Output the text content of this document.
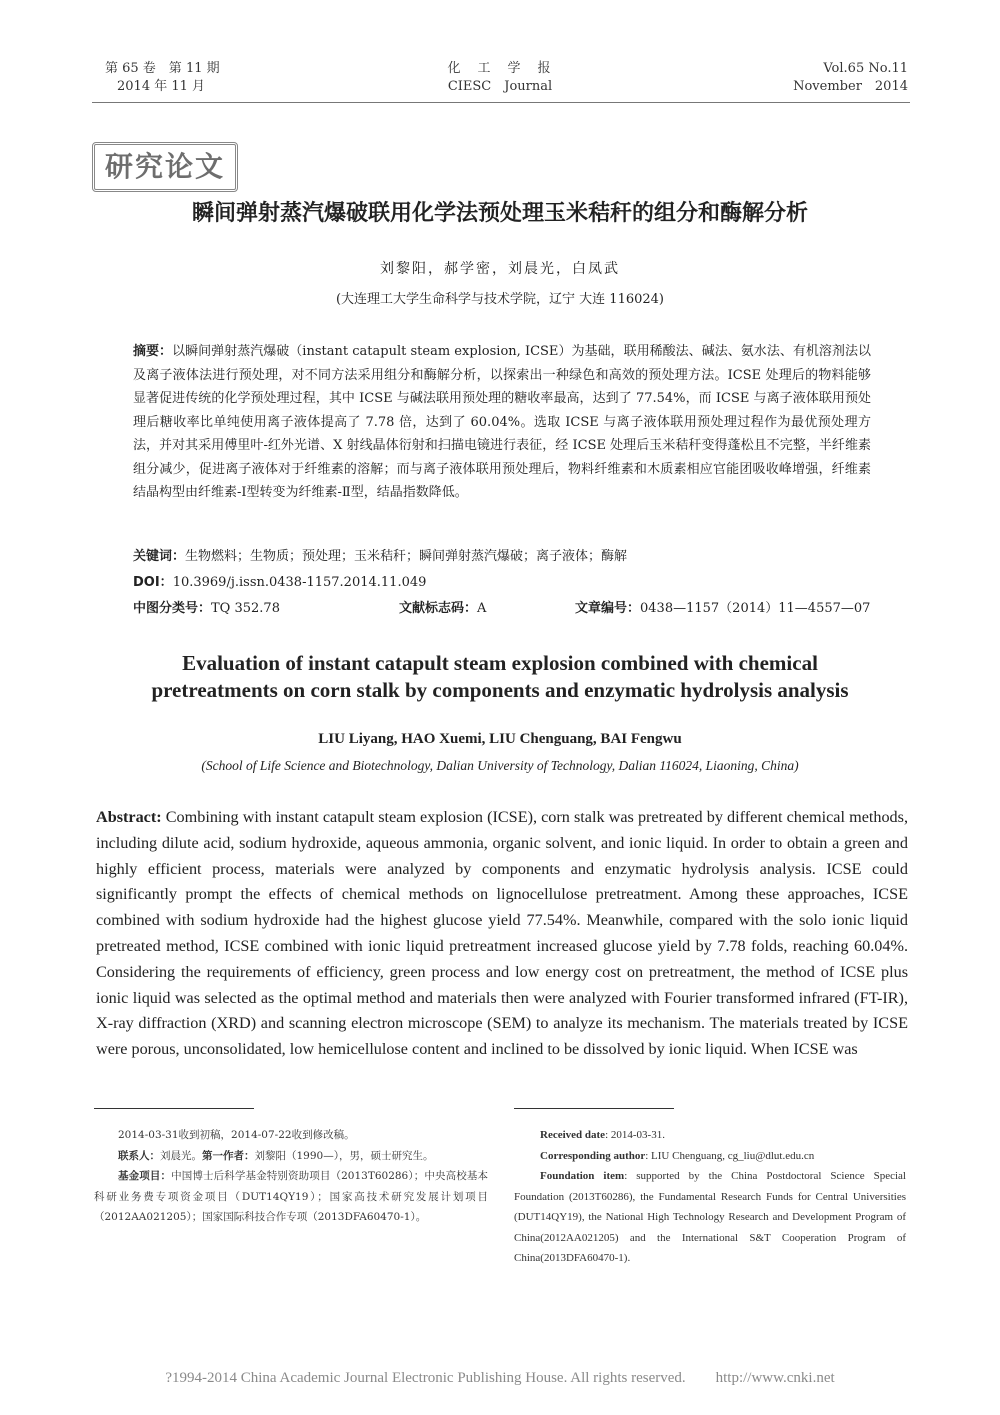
第 65 卷　第 11 期
2014 年 11 月
化　工　学　报
CIESC　Journal
Vol.65 No.11
November　2014
研究论文
瞬间弹射蒸汽爆破联用化学法预处理玉米秸秆的组分和酶解分析
刘黎阳，郝学密，刘晨光，白凤武
(大连理工大学生命科学与技术学院，辽宁 大连 116024)
摘要：以瞬间弹射蒸汽爆破（instant catapult steam explosion, ICSE）为基础，联用稀酸法、碱法、氨水法、有机溶剂法以及离子液体法进行预处理，对不同方法采用组分和酶解分析，以探索出一种绿色和高效的预处理方法。ICSE 处理后的物料能够显著促进传统的化学预处理过程，其中 ICSE 与碱法联用预处理的糖收率最高，达到了 77.54%，而 ICSE 与离子液体联用预处理后糖收率比单纯使用离子液体提高了 7.78 倍，达到了 60.04%。选取 ICSE 与离子液体联用预处理过程作为最优预处理方法，并对其采用傅里叶-红外光谱、X 射线晶体衍射和扫描电镜进行表征，经 ICSE 处理后玉米秸秆变得蓬松且不完整，半纤维素组分减少，促进离子液体对于纤维素的溶解；而与离子液体联用预处理后，物料纤维素和木质素相应官能团吸收峰增强，纤维素结晶构型由纤维素-Ⅰ型转变为纤维素-Ⅱ型，结晶指数降低。
关键词：生物燃料；生物质；预处理；玉米秸秆；瞬间弹射蒸汽爆破；离子液体；酶解
DOI：10.3969/j.issn.0438-1157.2014.11.049
中图分类号：TQ 352.78	文献标志码：A	文章编号：0438—1157（2014）11—4557—07
Evaluation of instant catapult steam explosion combined with chemical
pretreatments on corn stalk by components and enzymatic hydrolysis analysis
LIU Liyang, HAO Xuemi, LIU Chenguang, BAI Fengwu
(School of Life Science and Biotechnology, Dalian University of Technology, Dalian 116024, Liaoning, China)
Abstract: Combining with instant catapult steam explosion (ICSE), corn stalk was pretreated by different chemical methods, including dilute acid, sodium hydroxide, aqueous ammonia, organic solvent, and ionic liquid. In order to obtain a green and highly efficient process, materials were analyzed by components and enzymatic hydrolysis analysis. ICSE could significantly prompt the effects of chemical methods on lignocellulose pretreatment. Among these approaches, ICSE combined with sodium hydroxide had the highest glucose yield 77.54%. Meanwhile, compared with the solo ionic liquid pretreated method, ICSE combined with ionic liquid pretreatment increased glucose yield by 7.78 folds, reaching 60.04%. Considering the requirements of efficiency, green process and low energy cost on pretreatment, the method of ICSE plus ionic liquid was selected as the optimal method and materials then were analyzed with Fourier transformed infrared (FT-IR), X-ray diffraction (XRD) and scanning electron microscope (SEM) to analyze its mechanism. The materials treated by ICSE were porous, unconsolidated, low hemicellulose content and inclined to be dissolved by ionic liquid. When ICSE was
2014-03-31收到初稿，2014-07-22收到修改稿。
联系人：刘晨光。第一作者：刘黎阳（1990—），男，硕士研究生。
基金项目：中国博士后科学基金特别资助项目（2013T60286）；中央高校基本科研业务费专项资金项目（DUT14QY19）；国家高技术研究发展计划项目（2012AA021205）；国家国际科技合作专项（2013DFA60470-1）。
Received date: 2014-03-31.
Corresponding author: LIU Chenguang, cg_liu@dlut.edu.cn
Foundation item: supported by the China Postdoctoral Science Special Foundation (2013T60286), the Fundamental Research Funds for Central Universities (DUT14QY19), the National High Technology Research and Development Program of China(2012AA021205) and the International S&T Cooperation Program of China(2013DFA60470-1).
?1994-2014 China Academic Journal Electronic Publishing House. All rights reserved.　　http://www.cnki.net
